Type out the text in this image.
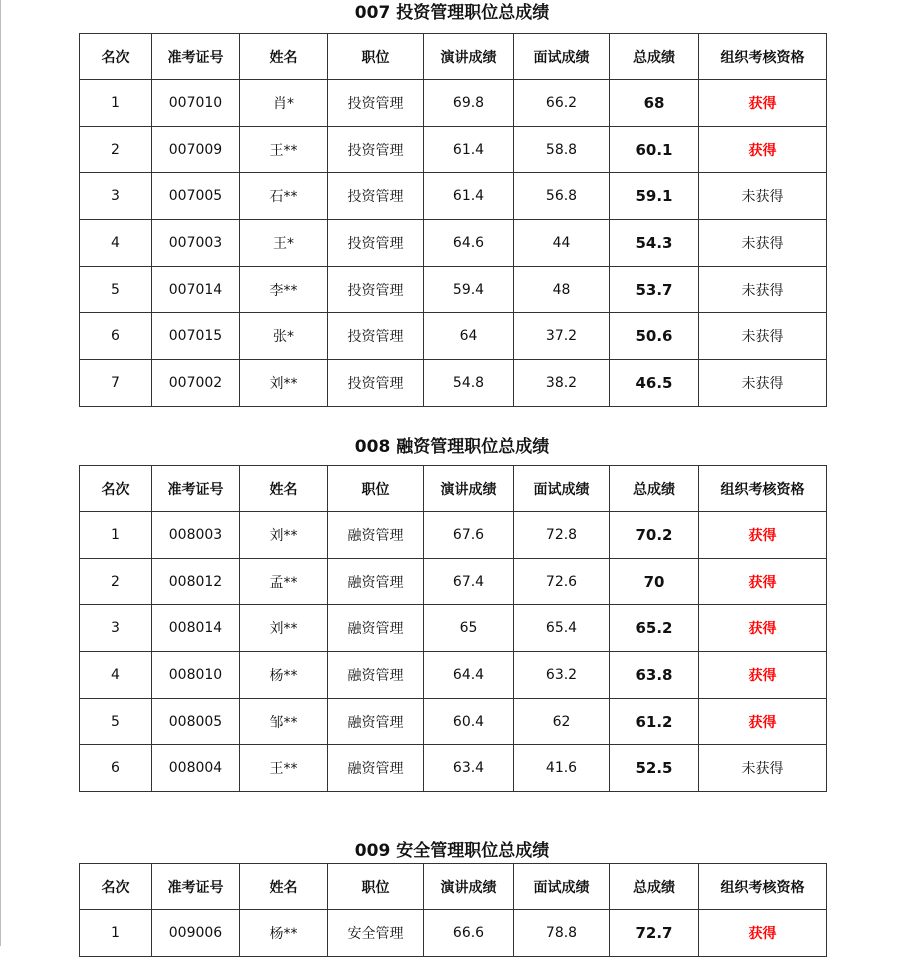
007 投资管理职位总成绩
名次	准考证号	姓名	职位	演讲成绩	面试成绩	总成绩	组织考核资格
1	007010	肖*	投资管理	69.8	66.2	68	获得
2	007009	王**	投资管理	61.4	58.8	60.1	获得
3	007005	石**	投资管理	61.4	56.8	59.1	未获得
4	007003	王*	投资管理	64.6	44	54.3	未获得
5	007014	李**	投资管理	59.4	48	53.7	未获得
6	007015	张*	投资管理	64	37.2	50.6	未获得
7	007002	刘**	投资管理	54.8	38.2	46.5	未获得
008 融资管理职位总成绩
名次	准考证号	姓名	职位	演讲成绩	面试成绩	总成绩	组织考核资格
1	008003	刘**	融资管理	67.6	72.8	70.2	获得
2	008012	孟**	融资管理	67.4	72.6	70	获得
3	008014	刘**	融资管理	65	65.4	65.2	获得
4	008010	杨**	融资管理	64.4	63.2	63.8	获得
5	008005	邹**	融资管理	60.4	62	61.2	获得
6	008004	王**	融资管理	63.4	41.6	52.5	未获得
009 安全管理职位总成绩
名次	准考证号	姓名	职位	演讲成绩	面试成绩	总成绩	组织考核资格
1	009006	杨**	安全管理	66.6	78.8	72.7	获得
